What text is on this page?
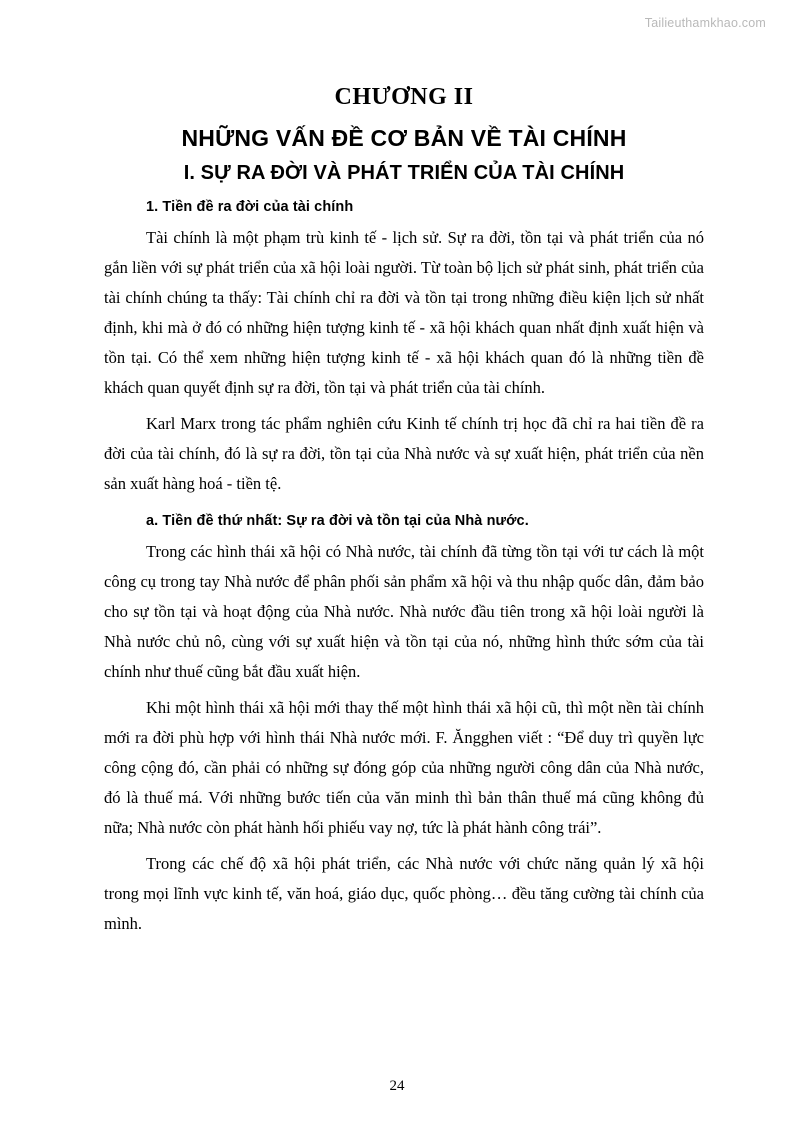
Tailieuthamkhao.com
CHƯƠNG II
NHỮNG VẤN ĐỀ CƠ BẢN VỀ TÀI CHÍNH
I. SỰ RA ĐỜI VÀ PHÁT TRIỂN CỦA TÀI CHÍNH
1. Tiền đề ra đời của tài chính

Tài chính là một phạm trù kinh tế - lịch sử. Sự ra đời, tồn tại và phát triển của nó gắn liền với sự phát triển của xã hội loài người. Từ toàn bộ lịch sử phát sinh, phát triển của tài chính chúng ta thấy: Tài chính chỉ ra đời và tồn tại trong những điều kiện lịch sử nhất định, khi mà ở đó có những hiện tượng kinh tế - xã hội khách quan nhất định xuất hiện và tồn tại. Có thể xem những hiện tượng kinh tế - xã hội khách quan đó là những tiền đề khách quan quyết định sự ra đời, tồn tại và phát triển của tài chính.

Karl Marx trong tác phẩm nghiên cứu Kinh tế chính trị học đã chỉ ra hai tiền đề ra đời của tài chính, đó là sự ra đời, tồn tại của Nhà nước và sự xuất hiện, phát triển của nền sản xuất hàng hoá - tiền tệ.

a. Tiền đề thứ nhất: Sự ra đời và tồn tại của Nhà nước.

Trong các hình thái xã hội có Nhà nước, tài chính đã từng tồn tại với tư cách là một công cụ trong tay Nhà nước để phân phối sản phẩm xã hội và thu nhập quốc dân, đảm bảo cho sự tồn tại và hoạt động của Nhà nước. Nhà nước đầu tiên trong xã hội loài người là Nhà nước chủ nô, cùng với sự xuất hiện và tồn tại của nó, những hình thức sớm của tài chính như thuế cũng bắt đầu xuất hiện.

Khi một hình thái xã hội mới thay thế một hình thái xã hội cũ, thì một nền tài chính mới ra đời phù hợp với hình thái Nhà nước mới. F. Ăngghen viết : “Để duy trì quyền lực công cộng đó, cần phải có những sự đóng góp của những người công dân của Nhà nước, đó là thuế má. Với những bước tiến của văn minh thì bản thân thuế má cũng không đủ nữa; Nhà nước còn phát hành hối phiếu vay nợ, tức là phát hành công trái”.

Trong các chế độ xã hội phát triển, các Nhà nước với chức năng quản lý xã hội trong mọi lĩnh vực kinh tế, văn hoá, giáo dục, quốc phòng… đều tăng cường tài chính của mình.

24
